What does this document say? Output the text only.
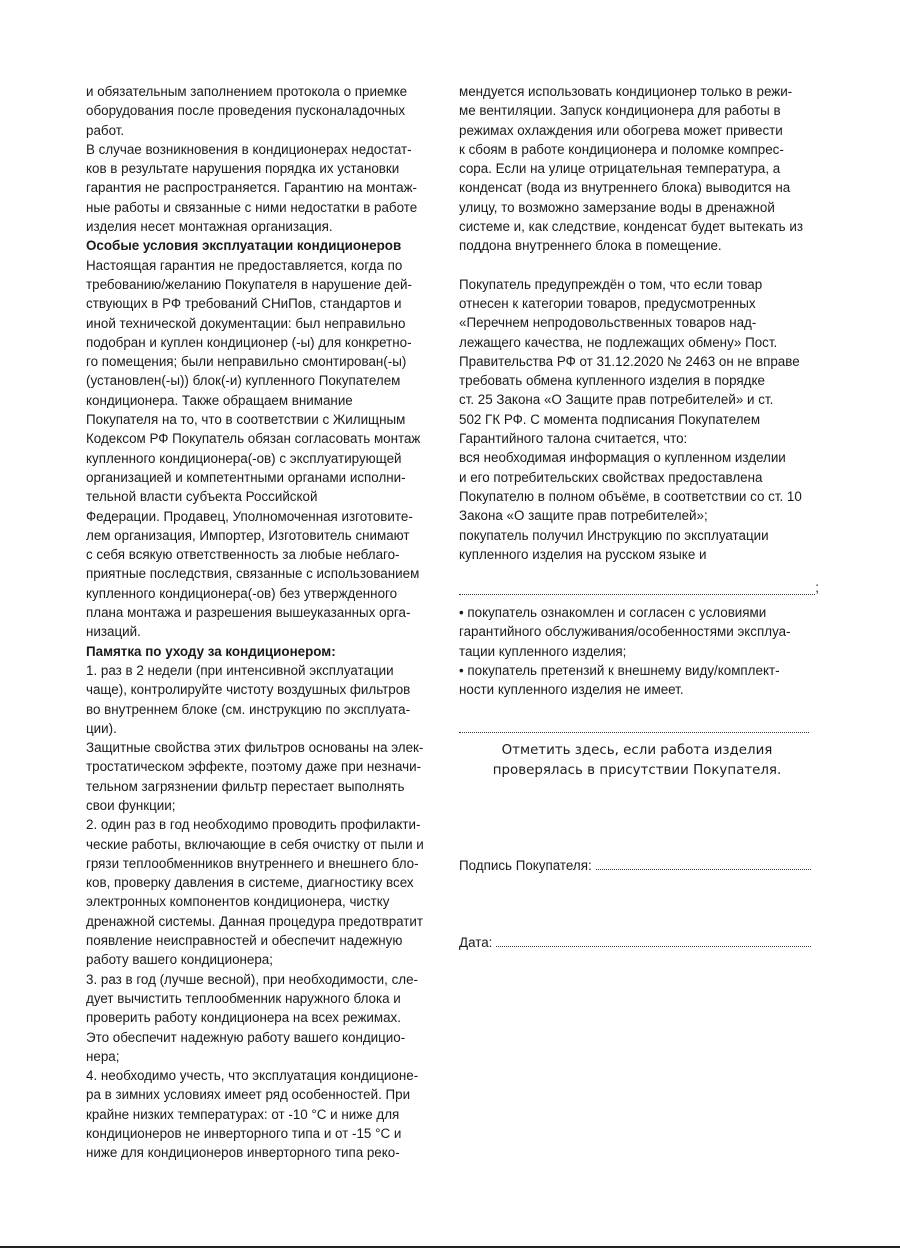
и обязательным заполнением протокола о приемке

оборудования после проведения пусконаладочных

работ.

В случае возникновения в кондиционерах недостат-

ков в результате нарушения порядка их установки

гарантия не распространяется. Гарантию на монтаж-

ные работы и связанные с ними недостатки в работе

изделия несет монтажная организация.

Особые условия эксплуатации кондиционеров

Настоящая гарантия не предоставляется, когда по

требованию/желанию Покупателя в нарушение дей-

ствующих в РФ требований СНиПов, стандартов и

иной технической документации: был неправильно

подобран и куплен кондиционер (-ы) для конкретно-

го помещения; были неправильно смонтирован(-ы)

(установлен(-ы)) блок(-и) купленного Покупателем

кондиционера. Также обращаем внимание

Покупателя на то, что в соответствии с Жилищным

Кодексом РФ Покупатель обязан согласовать монтаж

купленного кондиционера(-ов) с эксплуатирующей

организацией и компетентными органами исполни-

тельной власти субъекта Российской

Федерации. Продавец, Уполномоченная изготовите-

лем организация, Импортер, Изготовитель снимают

с себя всякую ответственность за любые неблаго-

приятные последствия, связанные с использованием

купленного кондиционера(-ов) без утвержденного

плана монтажа и разрешения вышеуказанных орга-

низаций.

Памятка по уходу за кондиционером:

1. раз в 2 недели (при интенсивной эксплуатации

чаще), контролируйте чистоту воздушных фильтров

во внутреннем блоке (см. инструкцию по эксплуата-

ции).

Защитные свойства этих фильтров основаны на элек-

тростатическом эффекте, поэтому даже при незначи-

тельном загрязнении фильтр перестает выполнять

свои функции;

2. один раз в год необходимо проводить профилакти-

ческие работы, включающие в себя очистку от пыли и

грязи теплообменников внутреннего и внешнего бло-

ков, проверку давления в системе, диагностику всех

электронных компонентов кондиционера, чистку

дренажной системы. Данная процедура предотвратит

появление неисправностей и обеспечит надежную

работу вашего кондиционера;

3. раз в год (лучше весной), при необходимости, сле-

дует вычистить теплообменник наружного блока и

проверить работу кондиционера на всех режимах.

Это обеспечит надежную работу вашего кондицио-

нера;

4. необходимо учесть, что эксплуатация кондиционе-

ра в зимних условиях имеет ряд особенностей. При

крайне низких температурах: от -10 °С и ниже для

кондиционеров не инверторного типа и от -15 °С и

ниже для кондиционеров инверторного типа реко-

мендуется использовать кондиционер только в режи-

ме вентиляции. Запуск кондиционера для работы в

режимах охлаждения или обогрева может привести

к сбоям в работе кондиционера и поломке компрес-

сора. Если на улице отрицательная температура, а

конденсат (вода из внутреннего блока) выводится на

улицу, то возможно замерзание воды в дренажной

системе и, как следствие, конденсат будет вытекать из

поддона внутреннего блока в помещение.

Покупатель предупреждён о том, что если товар

отнесен к категории товаров, предусмотренных

«Перечнем непродовольственных товаров над-

лежащего качества, не подлежащих обмену» Пост.

Правительства РФ от 31.12.2020 № 2463 он не вправе

требовать обмена купленного изделия в порядке

ст. 25 Закона «О Защите прав потребителей» и ст.

502 ГК РФ. С момента подписания Покупателем

Гарантийного талона считается, что:

вся необходимая информация о купленном изделии

и его потребительских свойствах предоставлена

Покупателю в полном объёме, в соответствии со ст. 10

Закона «О защите прав потребителей»;

покупатель получил Инструкцию по эксплуатации

купленного изделия на русском языке и

;

• покупатель ознакомлен и согласен с условиями

гарантийного обслуживания/особенностями эксплуа-

тации купленного изделия;

• покупатель претензий к внешнему виду/комплект-

ности купленного изделия не имеет.

Отметить здесь, если работа изделия
проверялась в присутствии Покупателя.
Подпись Покупателя:
Дата:
